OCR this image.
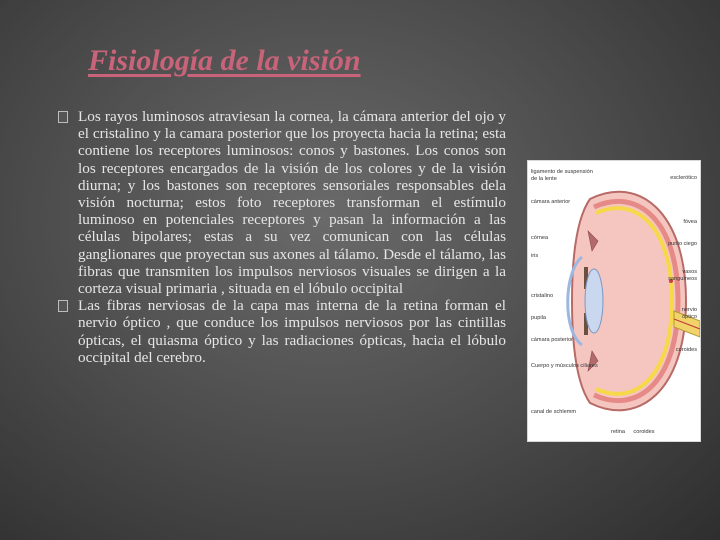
Fisiología de la visión
Los rayos luminosos atraviesan la cornea, la cámara anterior del ojo y el cristalino y la camara posterior que los proyecta hacia la retina; esta contiene los receptores luminosos: conos y bastones. Los conos son los receptores encargados de la visión de los colores y de la visión diurna; y los bastones son receptores sensoriales responsables dela visión nocturna; estos foto receptores transforman el estímulo luminoso en potenciales receptores y pasan la información a las células bipolares; estas a su vez comunican con las células ganglionares que proyectan sus axones al tálamo. Desde el tálamo, las fibras que transmiten los impulsos nerviosos visuales se dirigen a la corteza visual primaria , situada en el lóbulo occipital
Las fibras nerviosas de la capa mas interna de la retina forman el nervio óptico , que conduce los impulsos nerviosos por las cintillas ópticas, el quiasma óptico y las radiaciones ópticas, hacia el lóbulo occipital del cerebro.
ligamento de suspensión
de la lente
cámara anterior
córnea
iris
cristalino
pupila
cámara posterior
Cuerpo y músculos ciliares
canal de schlemm
esclerótico
fóvea
punto ciego
vasos
sanguíneos
nervio
óptico
coroides
retina coroides
